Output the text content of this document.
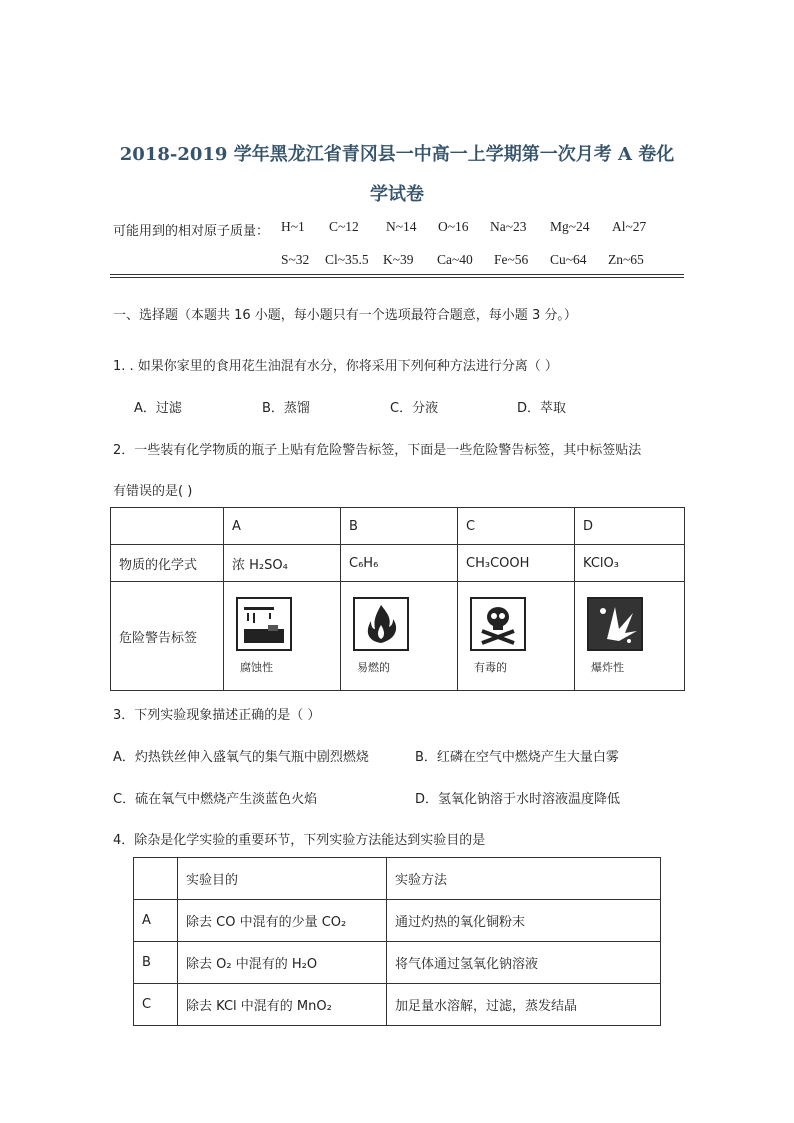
2018-2019 学年黑龙江省青冈县一中高一上学期第一次月考 A 卷化
学试卷
可能用到的相对原子质量： H~1 C~12 N~14 O~16 Na~23 Mg~24 Al~27
S~32 Cl~35.5 K~39 Ca~40 Fe~56 Cu~64 Zn~65
一、选择题（本题共 16 小题，每小题只有一个选项最符合题意，每小题 3 分。）
1. . 如果你家里的食用花生油混有水分，你将采用下列何种方法进行分离（ ）
A．过滤	B．蒸馏	C．分液	D．萃取
2．一些装有化学物质的瓶子上贴有危险警告标签，下面是一些危险警告标签，其中标签贴法
有错误的是( )
	A	B	C	D
物质的化学式	浓 H₂SO₄	C₆H₆	CH₃COOH	KClO₃
危险警告标签	腐蚀性	易燃的	有毒的	爆炸性
3．下列实验现象描述正确的是（ ）
A．灼热铁丝伸入盛氧气的集气瓶中剧烈燃烧	B．红磷在空气中燃烧产生大量白雾
C．硫在氧气中燃烧产生淡蓝色火焰	D．氢氧化钠溶于水时溶液温度降低
4．除杂是化学实验的重要环节，下列实验方法能达到实验目的是
	实验目的	实验方法
A	除去 CO 中混有的少量 CO₂	通过灼热的氧化铜粉末
B	除去 O₂ 中混有的 H₂O	将气体通过氢氧化钠溶液
C	除去 KCl 中混有的 MnO₂	加足量水溶解，过滤，蒸发结晶
